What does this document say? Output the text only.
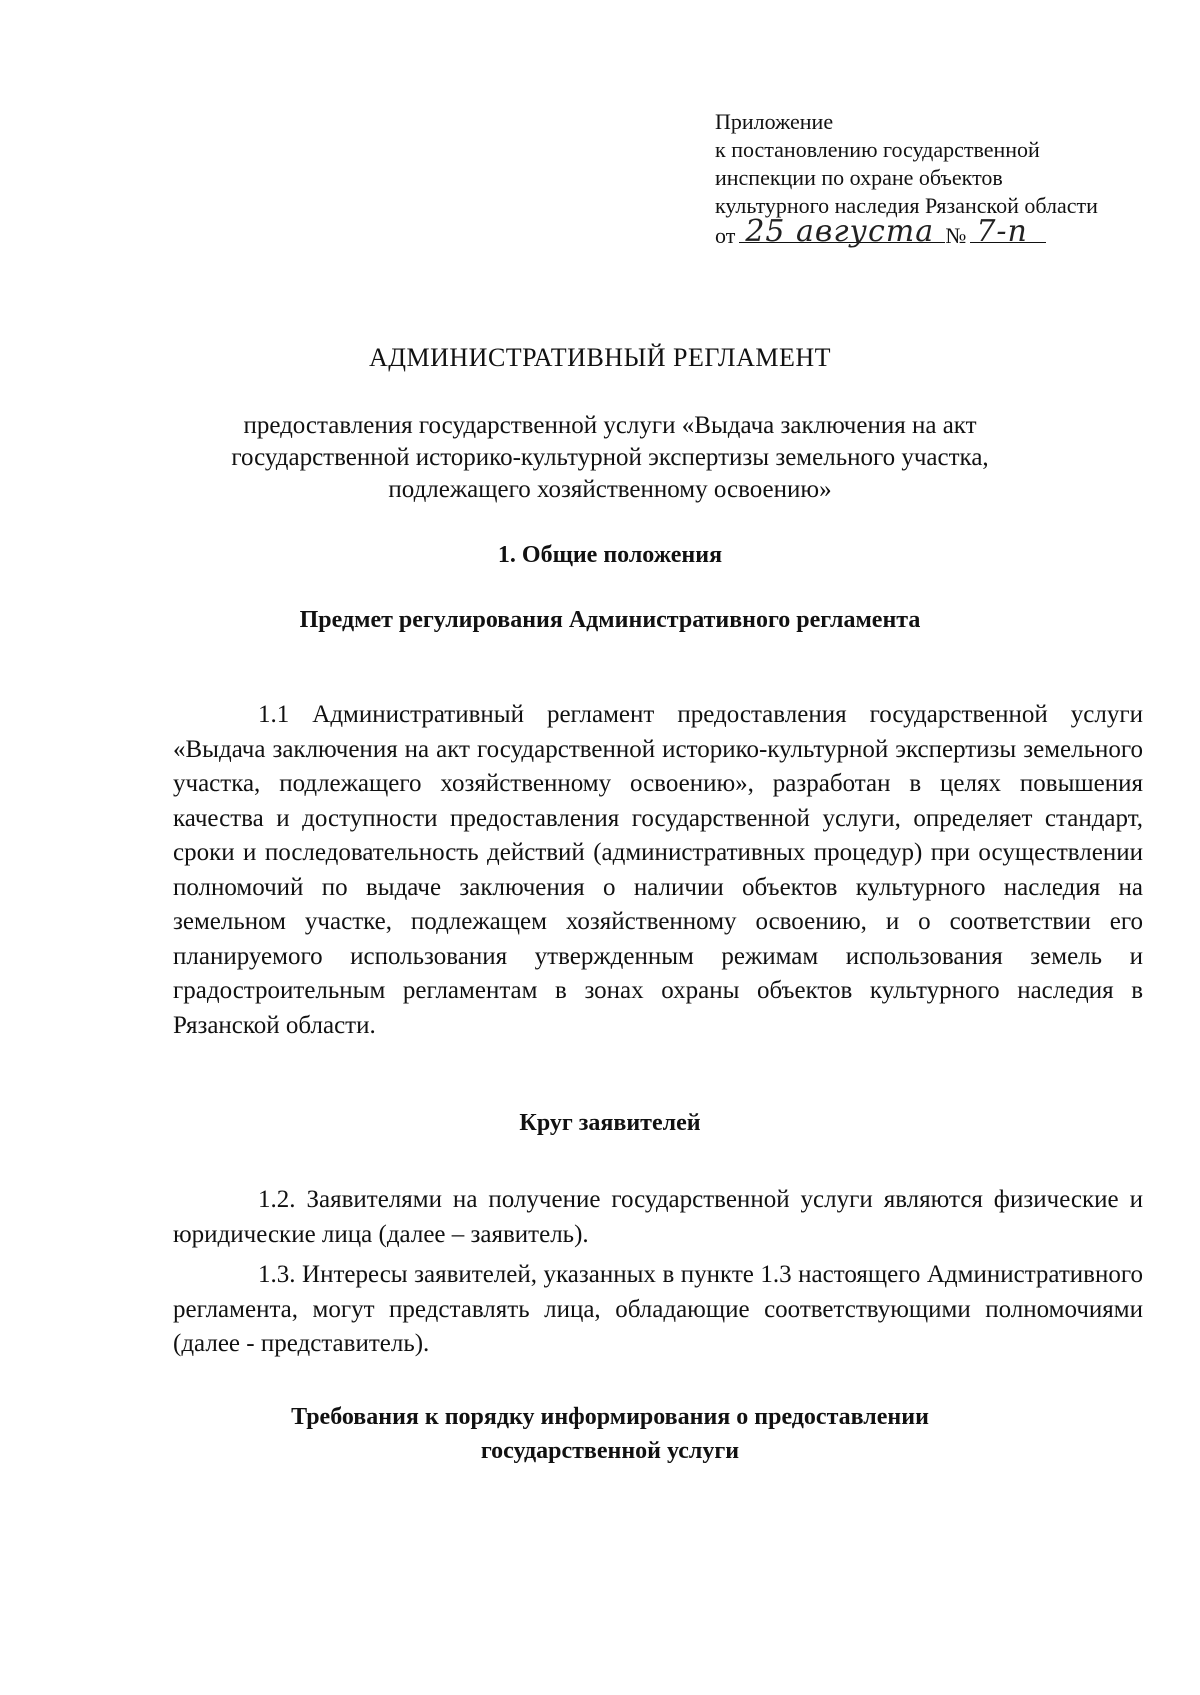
Приложение
к постановлению государственной
инспекции по охране объектов
культурного наследия Рязанской области
от 25 августа № 7-п
АДМИНИСТРАТИВНЫЙ РЕГЛАМЕНТ
предоставления государственной услуги «Выдача заключения на акт
государственной историко-культурной экспертизы земельного участка,
подлежащего хозяйственному освоению»
1. Общие положения
Предмет регулирования Административного регламента
1.1 Административный регламент предоставления государственной услуги «Выдача заключения на акт государственной историко-культурной экспертизы земельного участка, подлежащего хозяйственному освоению», разработан в целях повышения качества и доступности предоставления государственной услуги, определяет стандарт, сроки и последовательность действий (административных процедур) при осуществлении полномочий по выдаче заключения о наличии объектов культурного наследия на земельном участке, подлежащем хозяйственному освоению, и о соответствии его планируемого использования утвержденным режимам использования земель и градостроительным регламентам в зонах охраны объектов культурного наследия в Рязанской области.
Круг заявителей
1.2. Заявителями на получение государственной услуги являются физические и юридические лица (далее – заявитель).
1.3. Интересы заявителей, указанных в пункте 1.3 настоящего Административного регламента, могут представлять лица, обладающие соответствующими полномочиями (далее - представитель).
Требования к порядку информирования о предоставлении
государственной услуги
